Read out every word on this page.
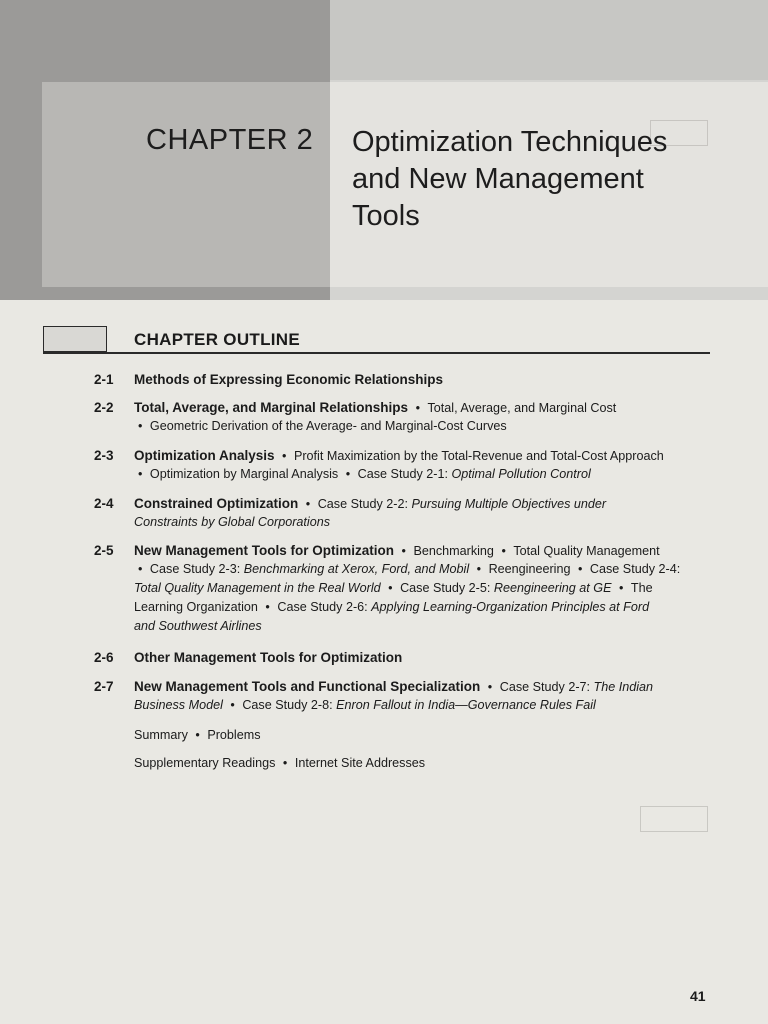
CHAPTER 2 Optimization Techniques
and New Management
Tools
CHAPTER OUTLINE
2-1	Methods of Expressing Economic Relationships
2-2	Total, Average, and Marginal Relationships • Total, Average, and Marginal Cost
• Geometric Derivation of the Average- and Marginal-Cost Curves
2-3	Optimization Analysis • Profit Maximization by the Total-Revenue and Total-Cost Approach
• Optimization by Marginal Analysis • Case Study 2-1: Optimal Pollution Control
2-4	Constrained Optimization • Case Study 2-2: Pursuing Multiple Objectives under
Constraints by Global Corporations
2-5	New Management Tools for Optimization • Benchmarking • Total Quality Management
• Case Study 2-3: Benchmarking at Xerox, Ford, and Mobil • Reengineering • Case Study 2-4:
Total Quality Management in the Real World • Case Study 2-5: Reengineering at GE • The
Learning Organization • Case Study 2-6: Applying Learning-Organization Principles at Ford
and Southwest Airlines
2-6	Other Management Tools for Optimization
2-7	New Management Tools and Functional Specialization • Case Study 2-7: The Indian
Business Model • Case Study 2-8: Enron Fallout in India—Governance Rules Fail
Summary • Problems
Supplementary Readings • Internet Site Addresses
41
